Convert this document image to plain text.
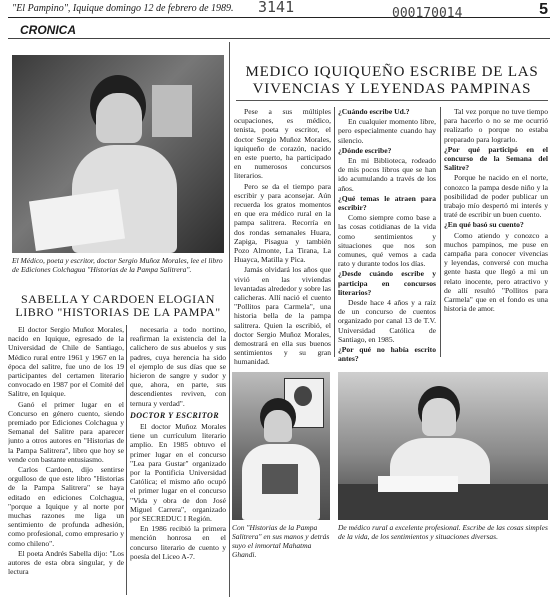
"El Pampino", Iquique domingo 12 de febrero de 1989. 3141	000170014	5
CRONICA
El Médico, poeta y escritor, doctor Sergio Muñoz Morales, lee el libro de Ediciones Colchagua "Historias de la Pampa Salitrera".
SABELLA Y CARDOEN ELOGIAN LIBRO "HISTORIAS DE LA PAMPA"

El doctor Sergio Muñoz Morales, nacido en Iquique, egresado de la Universidad de Chile de Santiago, Médico rural entre 1961 y 1967 en la época del salitre, fue uno de los 19 participantes del certamen literario convocado en 1987 por el Comité del Salitre, en Iquique.

Ganó el primer lugar en el Concurso en género cuento, siendo premiado por Ediciones Colchagua y Semanal del Salitre para aparecer junto a otros autores en "Historias de la Pampa Salitrera", libro que hoy se vende con bastante entusiasmo.

Carlos Cardoen, dijo sentirse orgulloso de que este libro "Historias de la Pampa Salitrera" se haya editado en ediciones Colchagua, "porque a Iquique y al norte por muchas razones me liga un sentimiento de profunda adhesión, como profesional, como empresario y como chileno".

El poeta Andrés Sabella dijo: "Los autores de esta obra singular, y de lectura

necesaria a todo nortino, reafirman la existencia del la calichero de sus abuelos y sus padres, cuya herencia ha sido el ejemplo de sus días que se hicieron de sangre y sudor y que, ahora, en parte, sus descendientes reviven, con ternura y verdad".

DOCTOR Y ESCRITOR

El doctor Muñoz Morales tiene un currículum literario amplio. En 1985 obtuvo el primer lugar en el concurso "Lea para Gustar" organizado por la Pontificia Universidad Católica; el mismo año ocupó el primer lugar en el concurso "Vida y obra de don José Miguel Carrera", organizado por SECREDUC I Región.

En 1986 recibió la primera mención honrosa en el concurso literario de cuento y poesía del Liceo A-7.

MEDICO IQUIQUEÑO ESCRIBE DE LAS VIVENCIAS Y LEYENDAS PAMPINAS

Pese a sus múltiples ocupaciones, es médico, tenista, poeta y escritor, el doctor Sergio Muñoz Morales, iquiqueño de corazón, nacido en este puerto, ha participado en numerosos concursos literarios.

Pero se da el tiempo para escribir y para aconsejar. Aún recuerda los gratos momentos en que era médico rural en la pampa salitrera. Recorría en dos rondas semanales Huara, Zapiga, Pisagua y también Pozo Almonte, La Tirana, La Huayca, Matilla y Pica.

Jamás olvidará los años que vivió en las viviendas levantadas alrededor y sobre las calicheras. Allí nació el cuento "Pollitos para Carmela", una historia bella de la pampa salitrera. Quien la escribió, el doctor Sergio Muñoz Morales, demostrará en ella sus buenos sentimientos y su gran humanidad.

¿Cuándo escribe Ud.?

En cualquier momento libre, pero especialmente cuando hay silencio.

¿Dónde escribe?

En mi Biblioteca, rodeado de mis pocos libros que se han ido acumulando a través de los años.

¿Qué temas le atraen para escribir?

Como siempre como base a las cosas cotidianas de la vida como sentimientos y situaciones que nos son comunes, qué vemos a cada rato y durante todos los días.

¿Desde cuándo escribe y participa en concursos literarios?

Desde hace 4 años y a raíz de un concurso de cuentos organizado por canal 13 de T.V. Universidad Católica de Santiago, en 1985.

¿Por qué no había escrito antes?

Tal vez porque no tuve tiempo para hacerlo o no se me ocurrió realizarlo o porque no estaba preparado para lograrlo.

¿Por qué participó en el concurso de la Semana del Salitre?

Porque he nacido en el norte, conozco la pampa desde niño y la posibilidad de poder publicar un trabajo mío despertó mi interés y traté de escribir un buen cuento.

¿En qué basó su cuento?

Como atiendo y conozco a muchos pampinos, me puse en campaña para conocer vivencias y leyendas, conversé con mucha gente hasta que llegó a mi un relato inocente, pero atractivo y de allí resultó "Pollitos para Carmela" que en el fondo es una historia de amor.

Con "Historias de la Pampa Salitrera" en sus manos y detrás suyo el inmortal Mahatma Ghandi.
De médico rural a excelente profesional. Escribe de las cosas simples de la vida, de los sentimientos y situaciones diversas.
